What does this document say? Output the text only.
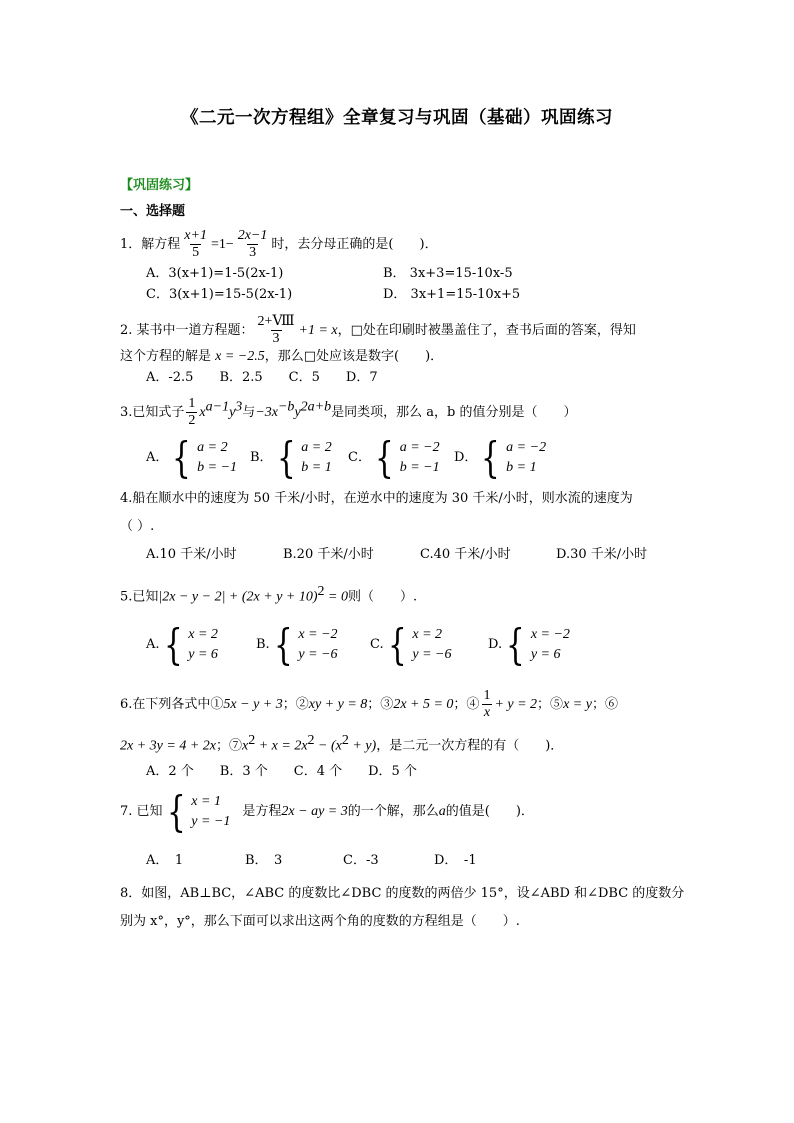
《二元一次方程组》全章复习与巩固（基础）巩固练习
【巩固练习】
一、选择题
1．解方程 $\frac{x+1}{5} =1- \frac{2x-1}{3}$ 时，去分母正确的是(　　)．
A．3(x+1)=1-5(2x-1)	B． 3x+3=15-10x-5
C．3(x+1)=15-5(2x-1)	D． 3x+1=15-10x+5
2. 某书中一道方程题： $\frac{\text{2+Ⅷ}}{3} +1 = x$，□处在印刷时被墨盖住了，查书后面的答案，得知
这个方程的解是 x = −2.5，那么□处应该是数字(　　)．
A．-2.5　　B．2.5　　C．5　　D．7
3.已知式子 $\frac{1}{2} x^{a-1}y^3$与$-3x^{-b}y^{2a+b}$是同类项，那么 a，b 的值分别是（　　）
A． { a = 2
b = −1
B． { a = 2
b = 1
C． { a = −2
b = −1
D． { a = −2
b = 1
4.船在顺水中的速度为 50 千米/小时，在逆水中的速度为 30 千米/小时，则水流的速度为
（ ）.
A.10 千米/小时	B.20 千米/小时	C.40 千米/小时	D.30 千米/小时
5.已知$|2x - y - 2| + (2x + y + 10)^2 = 0$则（　　）.
A. { x = 2
y = 6
B. { x = −2
y = −6
C. { x = 2
y = −6
D. { x = −2
y = 6
6.在下列各式中①5x − y + 3；②xy + y = 8；③2x + 5 = 0；④ $\frac{1}{x} + y = 2$；⑤x = y；⑥
2x + 3y = 4 + 2x；$⑦x^2 + x = 2x^2 - (x^2 + y)$，是二元一次方程的有（　　)．
A．2 个　　B．3 个　　C．4 个　　D．5 个
7. 已知 { x = 1
y = −1
是方程 2x − ay = 3 的一个解，那么 a 的值是(　　)．
A．　1	B．　3	C．-3	D．　-1
8．如图，AB⊥BC，∠ABC 的度数比∠DBC 的度数的两倍少 15°，设∠ABD 和∠DBC 的度数分
别为 x°，y°，那么下面可以求出这两个角的度数的方程组是（　　）.
